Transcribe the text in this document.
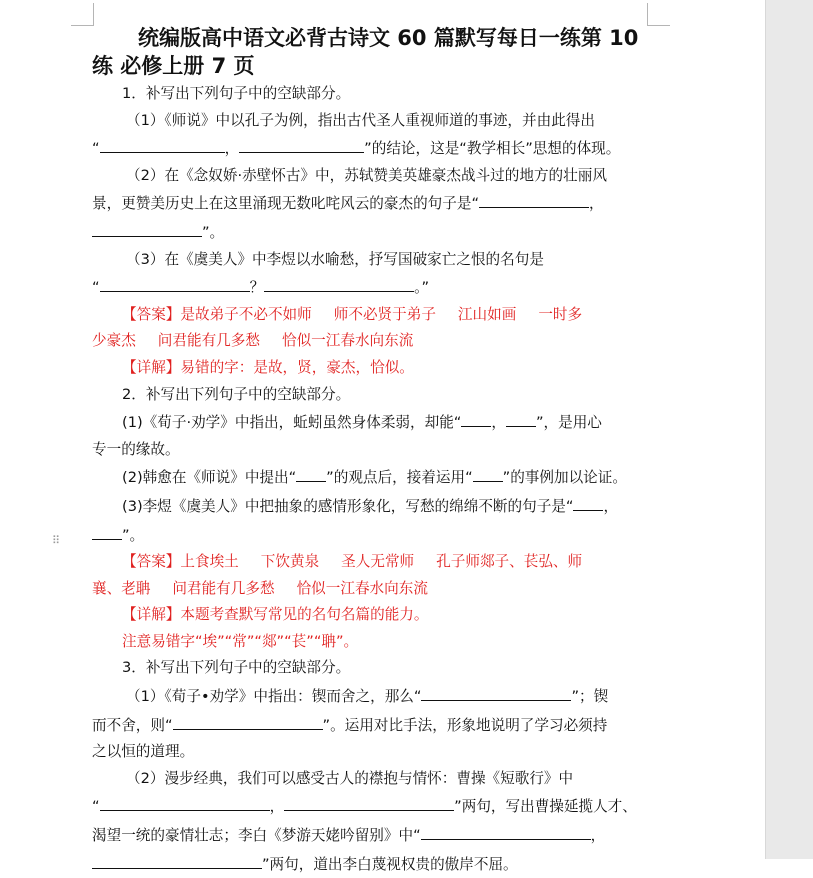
⠿

统编版高中语文必背古诗文 60 篇默写每日一练第 10 练 必修上册 7 页

1．补写出下列句子中的空缺部分。

（1）《师说》中以孔子为例，指出古代圣人重视师道的事迹，并由此得出

“	，	”的结论，这是“教学相长”思想的体现。

（2）在《念奴娇·赤壁怀古》中，苏轼赞美英雄豪杰战斗过的地方的壮丽风

景，更赞美历史上在这里涌现无数叱咤风云的豪杰的句子是“	，

”。

（3）在《虞美人》中李煜以水喻愁，抒写国破家亡之恨的名句是

“	？	。”

【答案】是故弟子不必不如师 师不必贤于弟子 江山如画 一时多

少豪杰 问君能有几多愁 恰似一江春水向东流

【详解】易错的字：是故，贤，豪杰，恰似。

2．补写出下列句子中的空缺部分。

(1)《荀子·劝学》中指出，蚯蚓虽然身体柔弱，却能“ ， ”，是用心

专一的缘故。

(2)韩愈在《师说》中提出“ ”的观点后，接着运用“ ”的事例加以论证。

(3)李煜《虞美人》中把抽象的感情形象化，写愁的绵绵不断的句子是“ ，

”。

【答案】上食埃土 下饮黄泉 圣人无常师 孔子师郯子、苌弘、师

襄、老聃 问君能有几多愁 恰似一江春水向东流

【详解】本题考查默写常见的名句名篇的能力。

注意易错字“埃”“常”“郯”“苌”“聃”。

3．补写出下列句子中的空缺部分。

（1）《荀子•劝学》中指出：锲而舍之，那么“	”；锲

而不舍，则“	”。运用对比手法，形象地说明了学习必须持

之以恒的道理。

（2）漫步经典，我们可以感受古人的襟抱与情怀：曹操《短歌行》中

“	，	”两句，写出曹操延揽人才、

渴望一统的豪情壮志；李白《梦游天姥吟留别》中“	，

”两句，道出李白蔑视权贵的傲岸不屈。
